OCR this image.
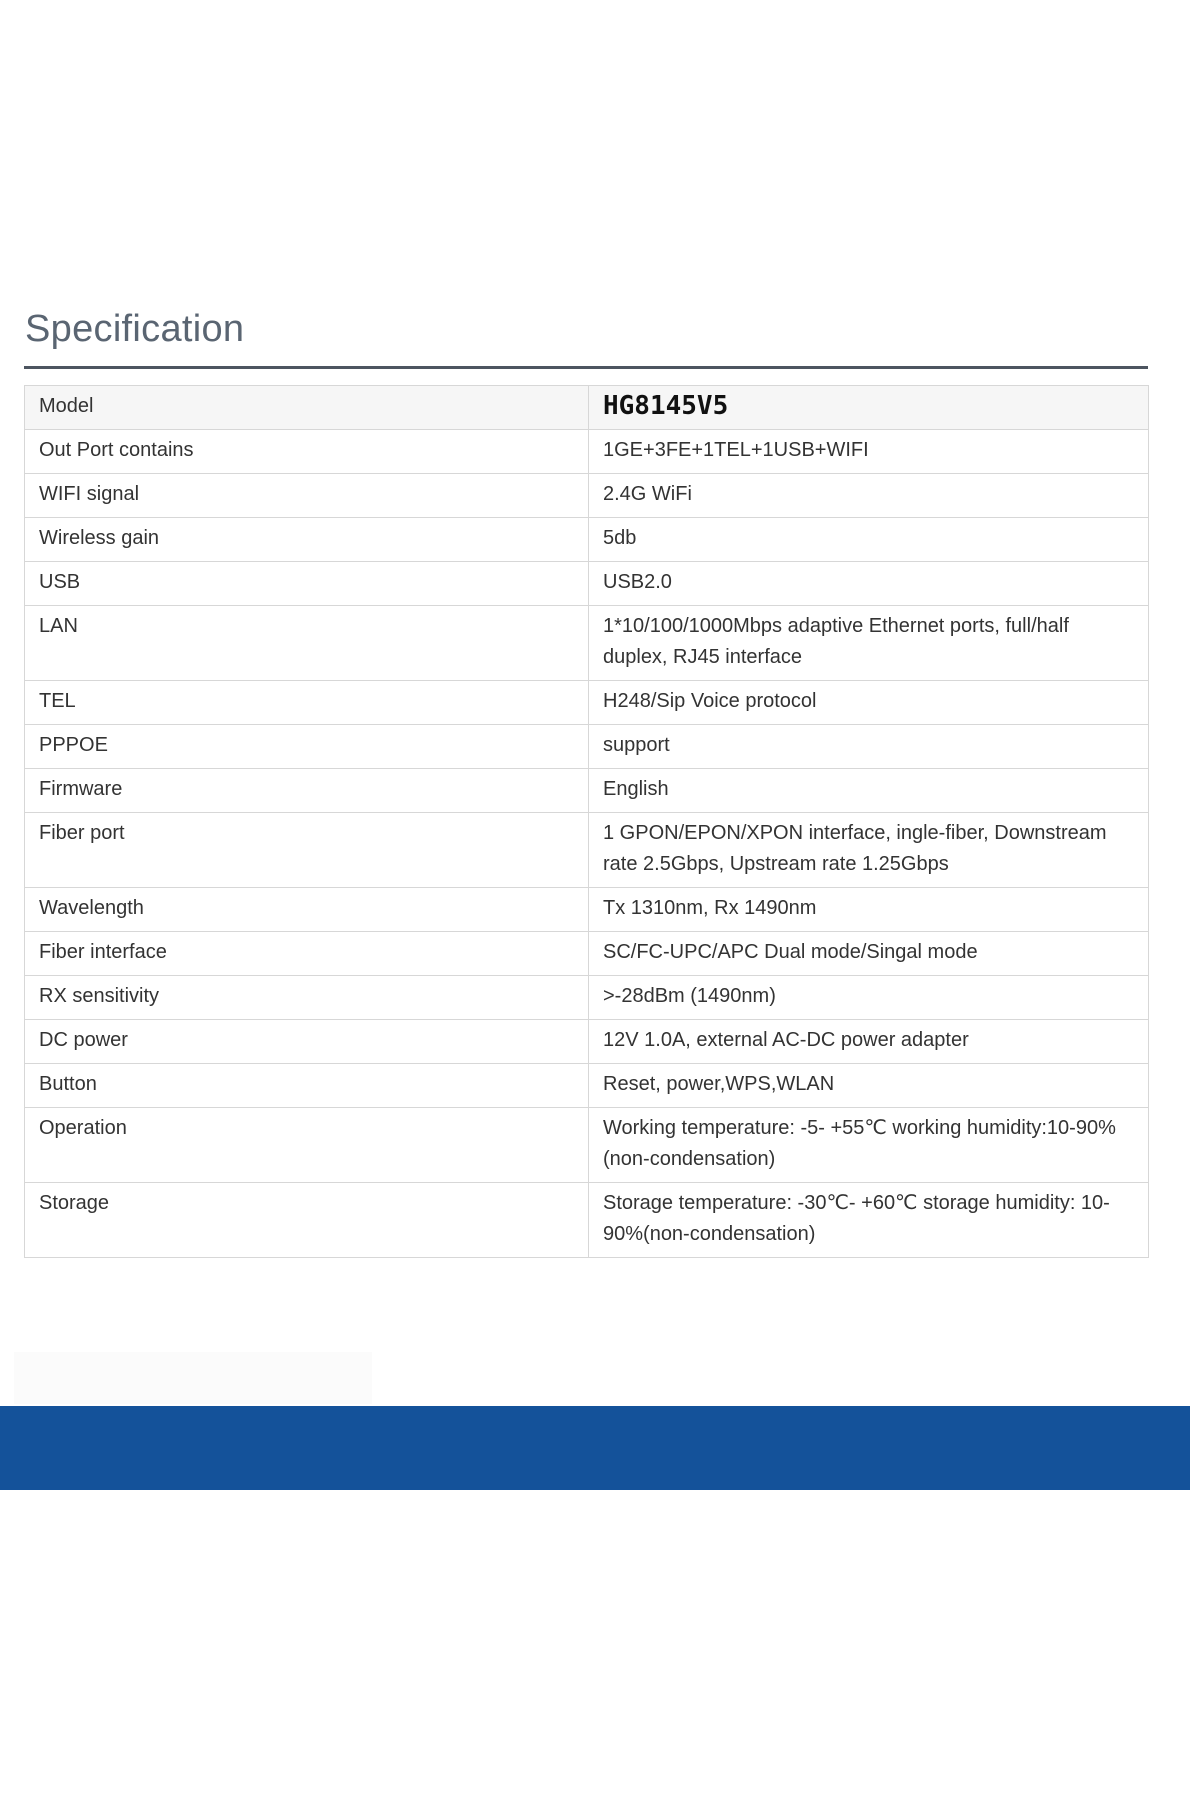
Specification
Model	HG8145V5
Out Port contains	1GE+3FE+1TEL+1USB+WIFI
WIFI signal	2.4G WiFi
Wireless gain	5db
USB	USB2.0
LAN	1*10/100/1000Mbps adaptive Ethernet ports, full/half duplex, RJ45 interface
TEL	H248/Sip Voice protocol
PPPOE	support
Firmware	English
Fiber port	1 GPON/EPON/XPON interface, ingle-fiber, Downstream rate 2.5Gbps, Upstream rate 1.25Gbps
Wavelength	Tx 1310nm, Rx 1490nm
Fiber interface	SC/FC-UPC/APC Dual mode/Singal mode
RX sensitivity	>-28dBm (1490nm)
DC power	12V 1.0A, external AC-DC power adapter
Button	Reset, power,WPS,WLAN
Operation	Working temperature: -5- +55℃ working humidity:10-90%(non-condensation)
Storage	Storage temperature: -30℃- +60℃ storage humidity: 10-90%(non-condensation)
